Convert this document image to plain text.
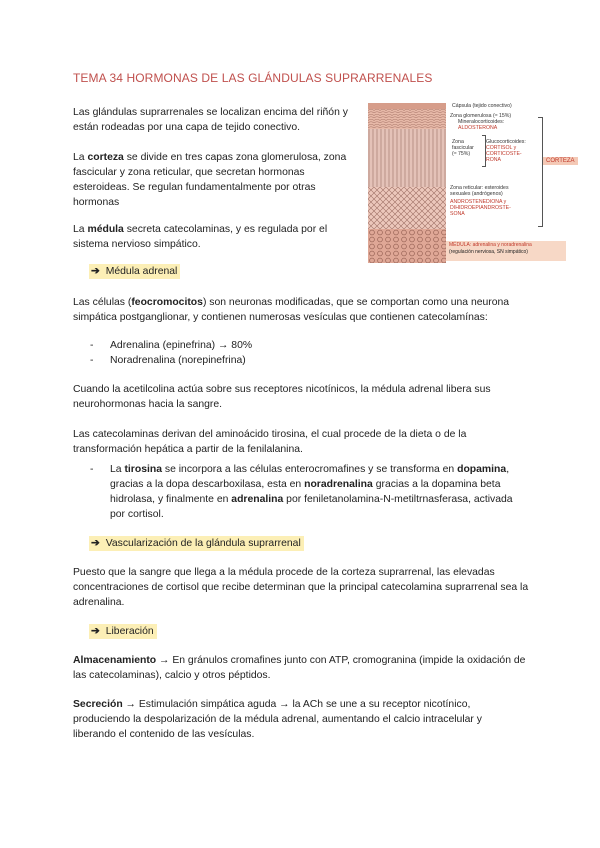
TEMA 34 HORMONAS DE LAS GLÁNDULAS SUPRARRENALES

Las glándulas suprarrenales se localizan encima del riñón y están rodeadas por una capa de tejido conectivo.

La corteza se divide en tres capas zona glomerulosa, zona fascicular y zona reticular, que secretan hormonas esteroideas. Se regulan fundamentalmente por otras hormonas

La médula secreta catecolaminas, y es regulada por el sistema nervioso simpático.

Cápsula (tejido conectivo)
Zona glomerulosa (≈ 15%)
Mineralocorticoides:
ALDOSTERONA
Zona
fascicular
(≈ 75%)
Glucocorticoides:
CORTISOL y
CORTICOSTE-
RONA
Zona reticular: esteroides
sexuales (andrógenos)
ANDROSTENEDIONA y
DIHIDROEPIANDROSTE-
SONA
CORTEZA
MÉDULA: adrenalina y noradrenalina
(regulación nerviosa, SN simpático)
➔ Médula adrenal

Las células (feocromocitos) son neuronas modificadas, que se comportan como una neurona simpática postganglionar, y contienen numerosas vesículas que contienen catecolamínas:

- Adrenalina (epinefrina) → 80%
- Noradrenalina (norepinefrina)

Cuando la acetilcolina actúa sobre sus receptores nicotínicos, la médula adrenal libera sus neurohormonas hacia la sangre.

Las catecolaminas derivan del aminoácido tirosina, el cual procede de la dieta o de la transformación hepática a partir de la fenilalanina.

- La tirosina se incorpora a las células enterocromafines y se transforma en dopamina, gracias a la dopa descarboxilasa, esta en noradrenalina gracias a la dopamina beta hidrolasa, y finalmente en adrenalina por feniletanolamina-N-metiltrnasferasa, activada por cortisol.
➔ Vascularización de la glándula suprarrenal

Puesto que la sangre que llega a la médula procede de la corteza suprarrenal, las elevadas concentraciones de cortisol que recibe determinan que la principal catecolamina suprarrenal sea la adrenalina.

➔ Liberación

Almacenamiento → En gránulos cromafines junto con ATP, cromogranina (impide la oxidación de las catecolaminas), calcio y otros péptidos.

Secreción → Estimulación simpática aguda → la ACh se une a su receptor nicotínico, produciendo la despolarización de la médula adrenal, aumentando el calcio intracelular y liberando el contenido de las vesículas.
